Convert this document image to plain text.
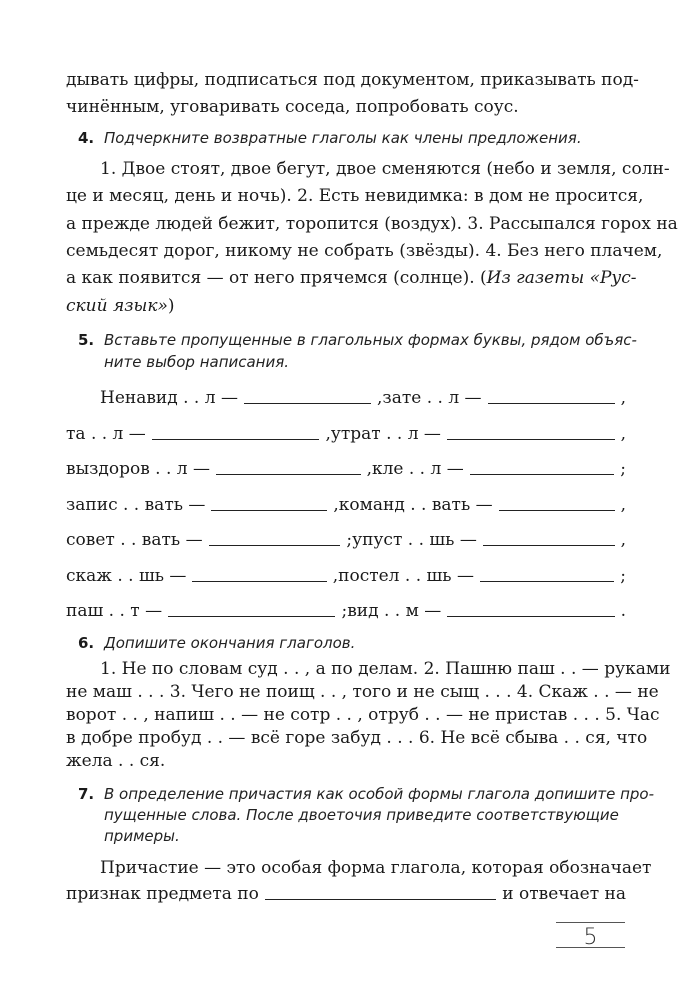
дывать цифры, подписаться под документом, приказывать под-
чинённым, уговаривать соседа, попробовать соус.
4. Подчеркните возвратные глаголы как члены предложения.
1. Двое стоят, двое бегут, двое сменяются (небо и земля, солн-
це и месяц, день и ночь). 2. Есть невидимка: в дом не просится,
а прежде людей бежит, торопится (воздух). 3. Рассыпался горох на
семьдесят дорог, никому не собрать (звёзды). 4. Без него плачем,
а как появится — от него прячемся (солнце). (Из газеты «Рус-
ский язык»)
5. Вставьте пропущенные в глагольных формах буквы, рядом объяс-
ните выбор написания.
Ненавид . . л —	, зате . . л —	,
та . . л —	, утрат . . л —	,
выздоров . . л —	, кле . . л —	;
запис . . вать —	, команд . . вать —	,
совет . . вать —	; упуст . . шь —	,
скаж . . шь —	, постел . . шь —	;
паш . . т —	; вид . . м —	.
6. Допишите окончания глаголов.
1. Не по словам суд . . , а по делам. 2. Пашню паш . . — руками
не маш . . . 3. Чего не поищ . . , того и не сыщ . . . 4. Скаж . . — не
ворот . . , напиш . . — не сотр . . , отруб . . — не пристав . . . 5. Час
в добре пробуд . . — всё горе забуд . . . 6. Не всё сбыва . . ся, что
жела . . ся.
7. В определение причастия как особой формы глагола допишите про-
пущенные слова. После двоеточия приведите соответствующие
примеры.
Причастие — это особая форма глагола, которая обозначает
признак предмета по	и отвечает на
5
